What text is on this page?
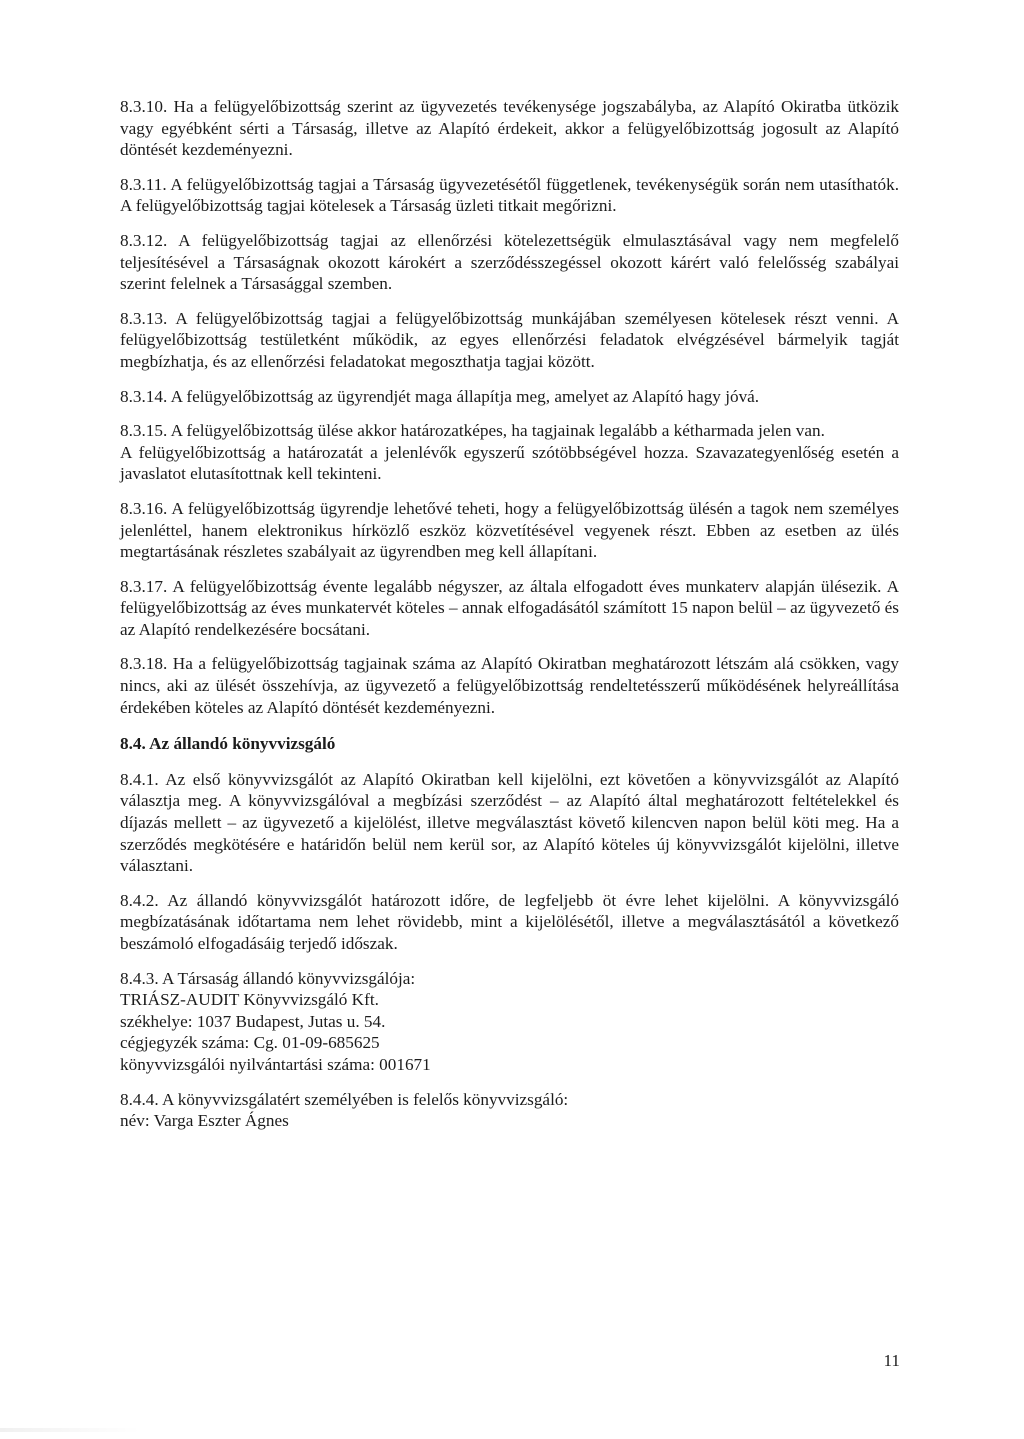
8.3.10. Ha a felügyelőbizottság szerint az ügyvezetés tevékenysége jogszabályba, az Alapító Okiratba ütközik vagy egyébként sérti a Társaság, illetve az Alapító érdekeit, akkor a felügyelőbizottság jogosult az Alapító döntését kezdeményezni.

8.3.11. A felügyelőbizottság tagjai a Társaság ügyvezetésétől függetlenek, tevékenységük során nem utasíthatók. A felügyelőbizottság tagjai kötelesek a Társaság üzleti titkait megőrizni.

8.3.12. A felügyelőbizottság tagjai az ellenőrzési kötelezettségük elmulasztásával vagy nem megfelelő teljesítésével a Társaságnak okozott károkért a szerződésszegéssel okozott kárért való felelősség szabályai szerint felelnek a Társasággal szemben.

8.3.13. A felügyelőbizottság tagjai a felügyelőbizottság munkájában személyesen kötelesek részt venni. A felügyelőbizottság testületként működik, az egyes ellenőrzési feladatok elvégzésével bármelyik tagját megbízhatja, és az ellenőrzési feladatokat megoszthatja tagjai között.

8.3.14. A felügyelőbizottság az ügyrendjét maga állapítja meg, amelyet az Alapító hagy jóvá.

8.3.15. A felügyelőbizottság ülése akkor határozatképes, ha tagjainak legalább a kétharmada jelen van.
A felügyelőbizottság a határozatát a jelenlévők egyszerű szótöbbségével hozza. Szavazategyenlőség esetén a javaslatot elutasítottnak kell tekinteni.

8.3.16. A felügyelőbizottság ügyrendje lehetővé teheti, hogy a felügyelőbizottság ülésén a tagok nem személyes jelenléttel, hanem elektronikus hírközlő eszköz közvetítésével vegyenek részt. Ebben az esetben az ülés megtartásának részletes szabályait az ügyrendben meg kell állapítani.

8.3.17. A felügyelőbizottság évente legalább négyszer, az általa elfogadott éves munkaterv alapján ülésezik. A felügyelőbizottság az éves munkatervét köteles – annak elfogadásától számított 15 napon belül – az ügyvezető és az Alapító rendelkezésére bocsátani.

8.3.18. Ha a felügyelőbizottság tagjainak száma az Alapító Okiratban meghatározott létszám alá csökken, vagy nincs, aki az ülését összehívja, az ügyvezető a felügyelőbizottság rendeltetésszerű működésének helyreállítása érdekében köteles az Alapító döntését kezdeményezni.

8.4. Az állandó könyvvizsgáló

8.4.1. Az első könyvvizsgálót az Alapító Okiratban kell kijelölni, ezt követően a könyvvizsgálót az Alapító választja meg. A könyvvizsgálóval a megbízási szerződést – az Alapító által meghatározott feltételekkel és díjazás mellett – az ügyvezető a kijelölést, illetve megválasztást követő kilencven napon belül köti meg. Ha a szerződés megkötésére e határidőn belül nem kerül sor, az Alapító köteles új könyvvizsgálót kijelölni, illetve választani.

8.4.2. Az állandó könyvvizsgálót határozott időre, de legfeljebb öt évre lehet kijelölni. A könyvvizsgáló megbízatásának időtartama nem lehet rövidebb, mint a kijelölésétől, illetve a megválasztásától a következő beszámoló elfogadásáig terjedő időszak.

8.4.3. A Társaság állandó könyvvizsgálója:
TRIÁSZ-AUDIT Könyvvizsgáló Kft.
székhelye: 1037 Budapest, Jutas u. 54.
cégjegyzék száma: Cg. 01-09-685625
könyvvizsgálói nyilvántartási száma: 001671
8.4.4. A könyvvizsgálatért személyében is felelős könyvvizsgáló:
név: Varga Eszter Ágnes
11
